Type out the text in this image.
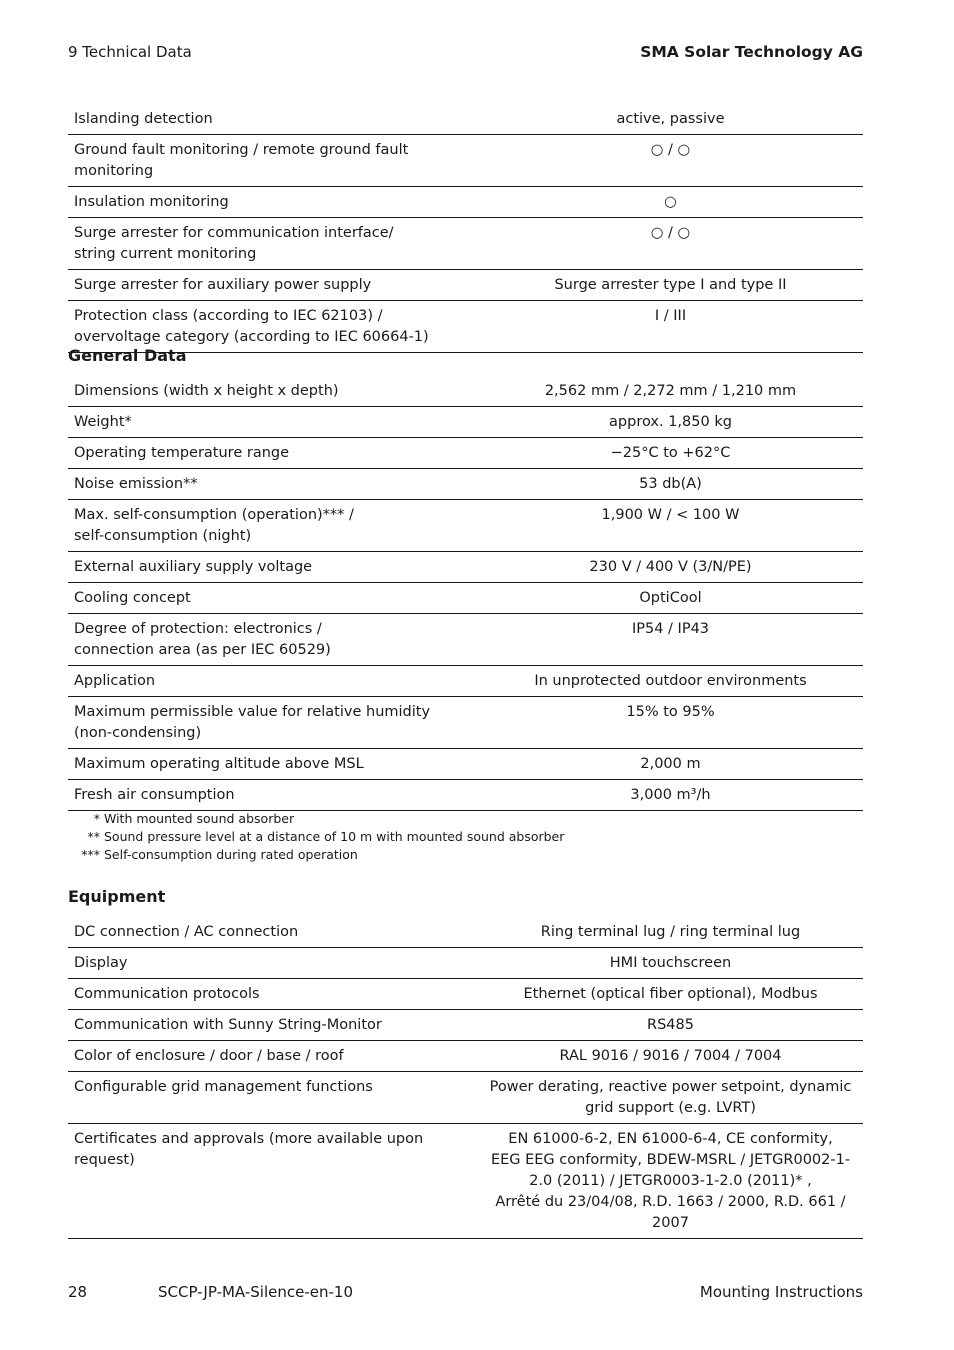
9 Technical Data	SMA Solar Technology AG
Islanding detection	active, passive
Ground fault monitoring / remote ground fault monitoring	○ / ○
Insulation monitoring	○
Surge arrester for communication interface/
string current monitoring	○ / ○
Surge arrester for auxiliary power supply	Surge arrester type I and type II
Protection class (according to IEC 62103) /
overvoltage category (according to IEC 60664-1)	I / III
General Data
Dimensions (width x height x depth)	2,562 mm / 2,272 mm / 1,210 mm
Weight*	approx. 1,850 kg
Operating temperature range	−25°C to +62°C
Noise emission**	53 db(A)
Max. self-consumption (operation)*** /
self-consumption (night)	1,900 W / < 100 W
External auxiliary supply voltage	230 V / 400 V (3/N/PE)
Cooling concept	OptiCool
Degree of protection: electronics /
connection area (as per IEC 60529)	IP54 / IP43
Application	In unprotected outdoor environments
Maximum permissible value for relative humidity
(non-condensing)	15% to 95%
Maximum operating altitude above MSL	2,000 m
Fresh air consumption	3,000 m³/h
* With mounted sound absorber
** Sound pressure level at a distance of 10 m with mounted sound absorber
*** Self-consumption during rated operation
Equipment
DC connection / AC connection	Ring terminal lug / ring terminal lug
Display	HMI touchscreen
Communication protocols	Ethernet (optical fiber optional), Modbus
Communication with Sunny String-Monitor	RS485
Color of enclosure / door / base / roof	RAL 9016 / 9016 / 7004 / 7004
Configurable grid management functions	Power derating, reactive power setpoint, dynamic grid support (e.g. LVRT)
Certificates and approvals (more available upon request)	EN 61000-6-2, EN 61000-6-4, CE conformity,
EEG EEG conformity, BDEW-MSRL / JETGR0002-1-2.0 (2011) / JETGR0003-1-2.0 (2011)* ,
Arrêté du 23/04/08, R.D. 1663 / 2000, R.D. 661 / 2007
28	SCCP-JP-MA-Silence-en-10	Mounting Instructions
